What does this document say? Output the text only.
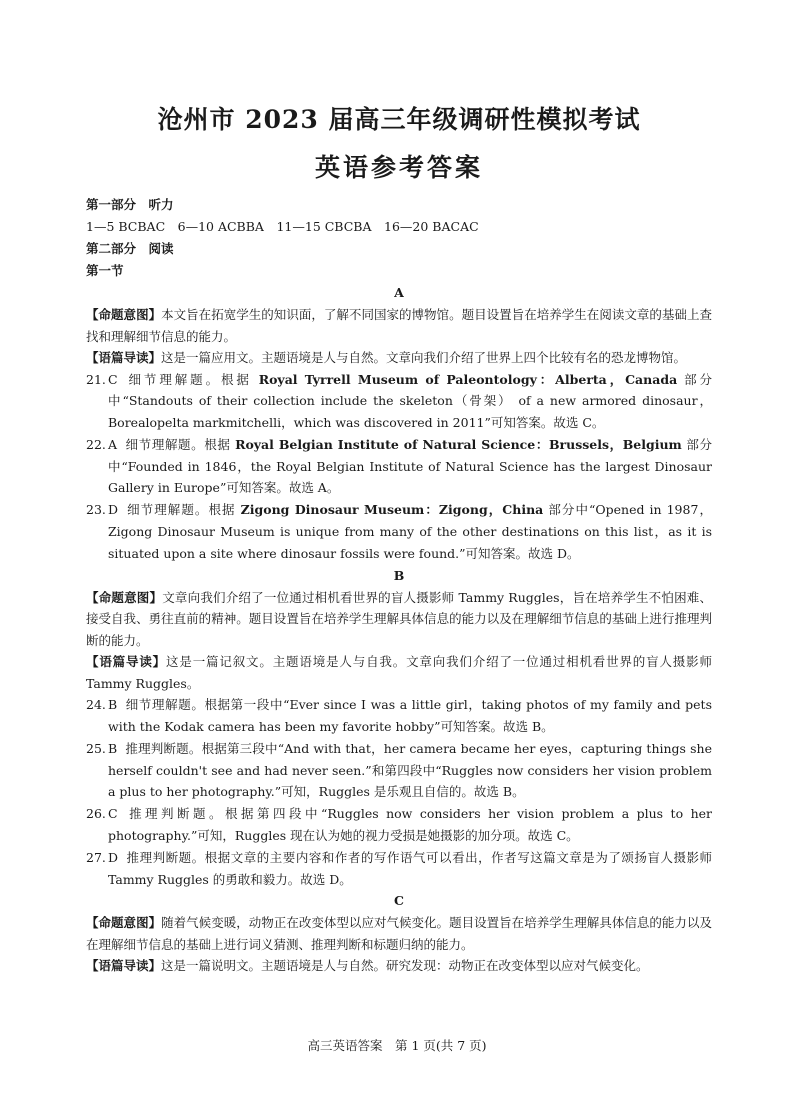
沧州市 2023 届高三年级调研性模拟考试
英语参考答案

第一部分　听力

1—5 BCBAC　6—10 ACBBA　11—15 CBCBA　16—20 BACAC

第二部分　阅读

第一节

A

【命题意图】本文旨在拓宽学生的知识面，了解不同国家的博物馆。题目设置旨在培养学生在阅读文章的基础上查找和理解细节信息的能力。

【语篇导读】这是一篇应用文。主题语境是人与自然。文章向我们介绍了世界上四个比较有名的恐龙博物馆。

21. C 细节理解题。根据 Royal Tyrrell Museum of Paleontology：Alberta，Canada 部分中“Standouts of their collection include the skeleton（骨架） of a new armored dinosaur，Borealopelta markmitchelli，which was discovered in 2011”可知答案。故选 C。
22. A 细节理解题。根据 Royal Belgian Institute of Natural Science：Brussels，Belgium 部分中“Founded in 1846，the Royal Belgian Institute of Natural Science has the largest Dinosaur Gallery in Europe”可知答案。故选 A。
23. D 细节理解题。根据 Zigong Dinosaur Museum：Zigong，China 部分中“Opened in 1987，Zigong Dinosaur Museum is unique from many of the other destinations on this list，as it is situated upon a site where dinosaur fossils were found.”可知答案。故选 D。

B

【命题意图】文章向我们介绍了一位通过相机看世界的盲人摄影师 Tammy Ruggles，旨在培养学生不怕困难、接受自我、勇往直前的精神。题目设置旨在培养学生理解具体信息的能力以及在理解细节信息的基础上进行推理判断的能力。

【语篇导读】这是一篇记叙文。主题语境是人与自我。文章向我们介绍了一位通过相机看世界的盲人摄影师 Tammy Ruggles。

24. B 细节理解题。根据第一段中“Ever since I was a little girl，taking photos of my family and pets with the Kodak camera has been my favorite hobby”可知答案。故选 B。
25. B 推理判断题。根据第三段中“And with that，her camera became her eyes，capturing things she herself couldn't see and had never seen.”和第四段中“Ruggles now considers her vision problem a plus to her photography.”可知，Ruggles 是乐观且自信的。故选 B。
26. C 推理判断题。根据第四段中“Ruggles now considers her vision problem a plus to her photography.”可知，Ruggles 现在认为她的视力受损是她摄影的加分项。故选 C。
27. D 推理判断题。根据文章的主要内容和作者的写作语气可以看出，作者写这篇文章是为了颂扬盲人摄影师 Tammy Ruggles 的勇敢和毅力。故选 D。

C

【命题意图】随着气候变暖，动物正在改变体型以应对气候变化。题目设置旨在培养学生理解具体信息的能力以及在理解细节信息的基础上进行词义猜测、推理判断和标题归纳的能力。

【语篇导读】这是一篇说明文。主题语境是人与自然。研究发现：动物正在改变体型以应对气候变化。

高三英语答案　第 1 页(共 7 页)
